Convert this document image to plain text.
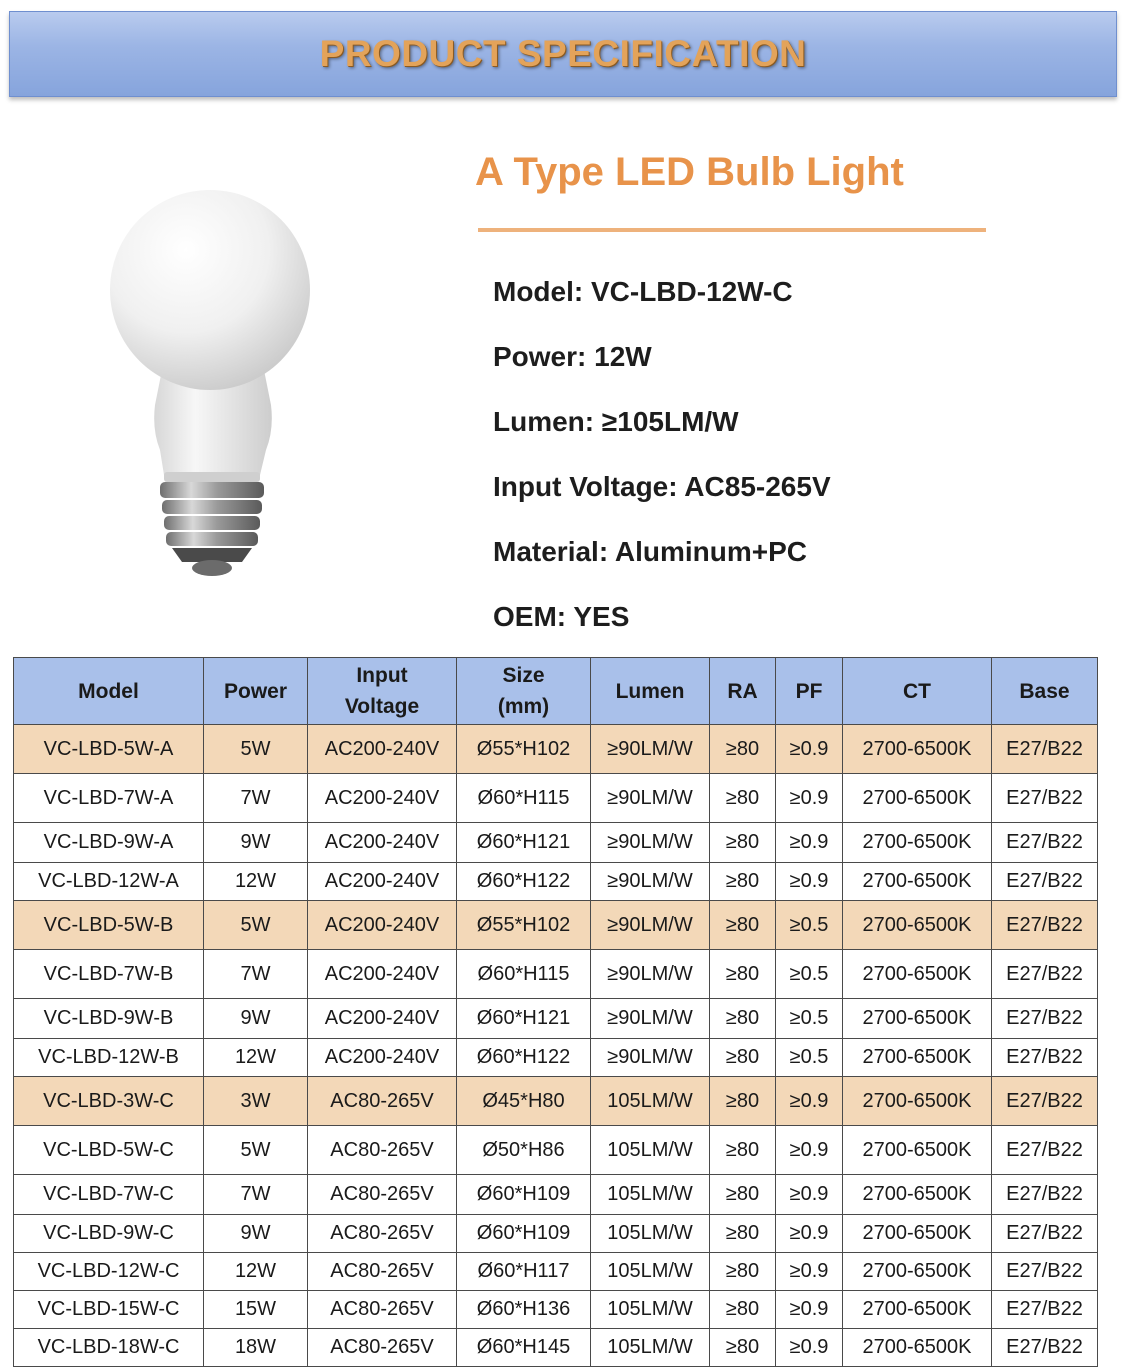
PRODUCT SPECIFICATION
A Type LED Bulb Light
Model: VC-LBD-12W-C
Power: 12W
Lumen: ≥105LM/W
Input Voltage: AC85-265V
Material: Aluminum+PC
OEM: YES
Model	Power	Input Voltage	Size (mm)	Lumen	RA	PF	CT	Base
VC-LBD-5W-A	5W	AC200-240V	Ø55*H102	≥90LM/W	≥80	≥0.9	2700-6500K	E27/B22
VC-LBD-7W-A	7W	AC200-240V	Ø60*H115	≥90LM/W	≥80	≥0.9	2700-6500K	E27/B22
VC-LBD-9W-A	9W	AC200-240V	Ø60*H121	≥90LM/W	≥80	≥0.9	2700-6500K	E27/B22
VC-LBD-12W-A	12W	AC200-240V	Ø60*H122	≥90LM/W	≥80	≥0.9	2700-6500K	E27/B22
VC-LBD-5W-B	5W	AC200-240V	Ø55*H102	≥90LM/W	≥80	≥0.5	2700-6500K	E27/B22
VC-LBD-7W-B	7W	AC200-240V	Ø60*H115	≥90LM/W	≥80	≥0.5	2700-6500K	E27/B22
VC-LBD-9W-B	9W	AC200-240V	Ø60*H121	≥90LM/W	≥80	≥0.5	2700-6500K	E27/B22
VC-LBD-12W-B	12W	AC200-240V	Ø60*H122	≥90LM/W	≥80	≥0.5	2700-6500K	E27/B22
VC-LBD-3W-C	3W	AC80-265V	Ø45*H80	105LM/W	≥80	≥0.9	2700-6500K	E27/B22
VC-LBD-5W-C	5W	AC80-265V	Ø50*H86	105LM/W	≥80	≥0.9	2700-6500K	E27/B22
VC-LBD-7W-C	7W	AC80-265V	Ø60*H109	105LM/W	≥80	≥0.9	2700-6500K	E27/B22
VC-LBD-9W-C	9W	AC80-265V	Ø60*H109	105LM/W	≥80	≥0.9	2700-6500K	E27/B22
VC-LBD-12W-C	12W	AC80-265V	Ø60*H117	105LM/W	≥80	≥0.9	2700-6500K	E27/B22
VC-LBD-15W-C	15W	AC80-265V	Ø60*H136	105LM/W	≥80	≥0.9	2700-6500K	E27/B22
VC-LBD-18W-C	18W	AC80-265V	Ø60*H145	105LM/W	≥80	≥0.9	2700-6500K	E27/B22
